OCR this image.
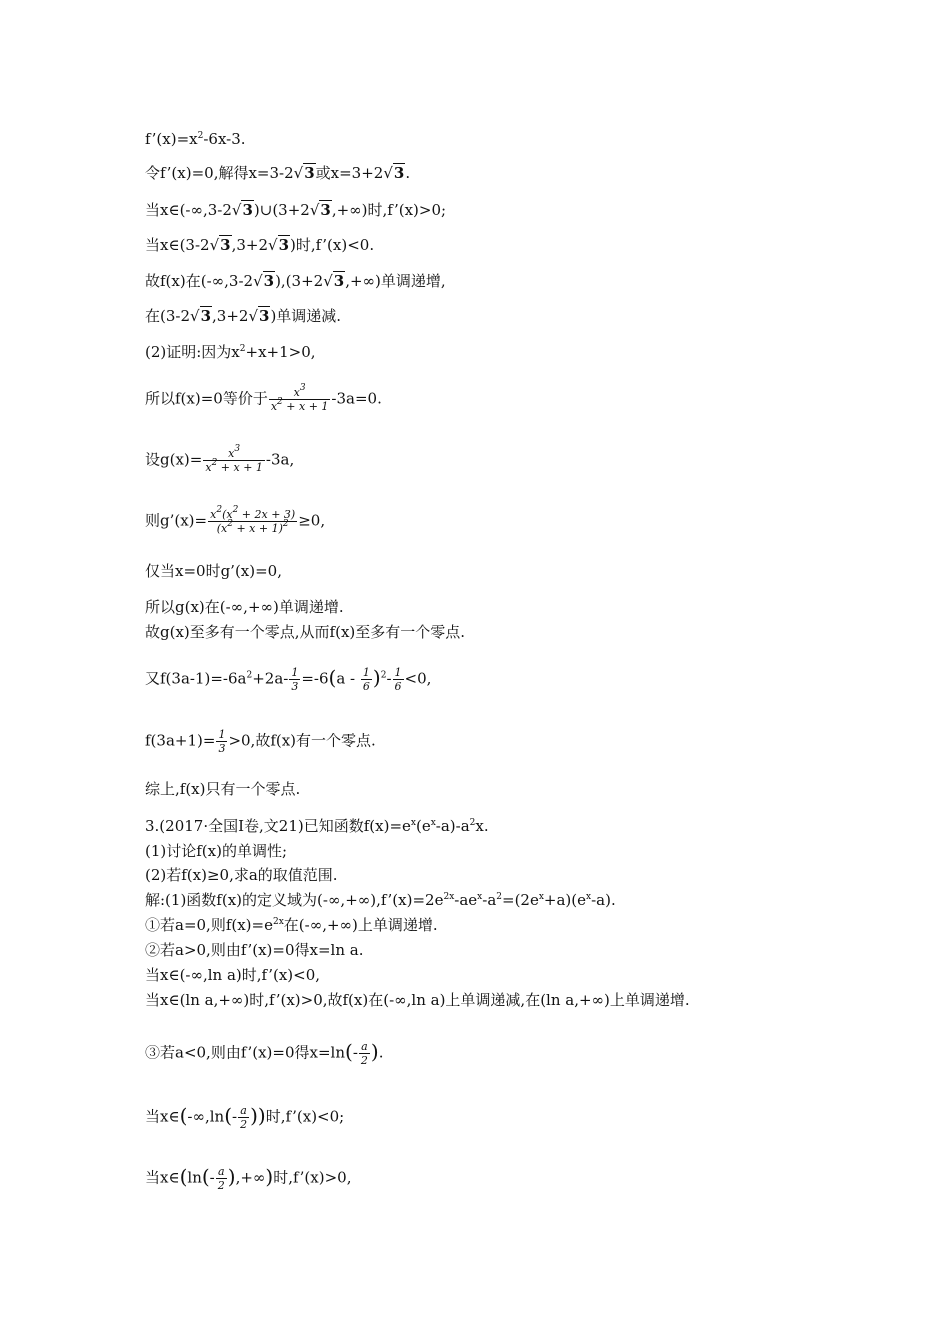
$f’(x)=x^2-6x-3$.
令f’(x)=0,解得x=3-2√3或x=3+2√3.
当x∈(-∞,3-2√3)∪(3+2√3,+∞)时,f’(x)>0;
当x∈(3-2√3,3+2√3)时,f’(x)<0.
故f(x)在(-∞,3-2√3),(3+2√3,+∞)单调递增,
在(3-2√3,3+2√3)单调递减.
(2)证明:因为$x^2+x+1>0$,
所以f(x)=0等价于 $\frac{x^3}{x^2 + x + 1} -3a=0$.
设$g(x)= \frac{x^3}{x^2 + x + 1} -3a$,
则g’(x)= $\frac{x^2(x^2 + 2x + 3)}{(x^2 + x + 1)^2} \ge 0$,
仅当x=0时g’(x)=0,
所以g(x)在(-∞,+∞)单调递增.
故g(x)至多有一个零点,从而f(x)至多有一个零点.
又$f(3a-1)=-6a^2+2a- \frac{1}{3} =-6(a - \frac{1}{6} )^2- \frac{1}{6} <0$,
$f(3a+1)= \frac{1}{3} >0$,故f(x)有一个零点.
综上,f(x)只有一个零点.
3.(2017·全国Ⅰ卷,文21)已知函数$f(x)=e^x(e^x-a)-a^2x$.
(1)讨论f(x)的单调性;
(2)若f(x)≥0,求a的取值范围.
解:(1)函数f(x)的定义域为$(-\infty,+\infty),f’(x)=2e^{2x}-ae^x-a^2=(2e^x+a)(e^x-a)$.
①若a=0,则$f(x)=e^{2x}$在(-∞,+∞)上单调递增.
②若a>0,则由f’(x)=0得x=ln a.
当x∈(-∞,ln a)时,f’(x)<0,
当x∈(ln a,+∞)时,f’(x)>0,故f(x)在(-∞,ln a)上单调递减,在(ln a,+∞)上单调递增.
③若a<0,则由f’(x)=0得$x=\ln(- \frac{a}{2}$ ).
当x∈(-∞,ln(- $\frac{a}{2}$ ))时,f’(x)<0;
当x∈(ln(- $\frac{a}{2}$ ),+∞)时,f’(x)>0,
